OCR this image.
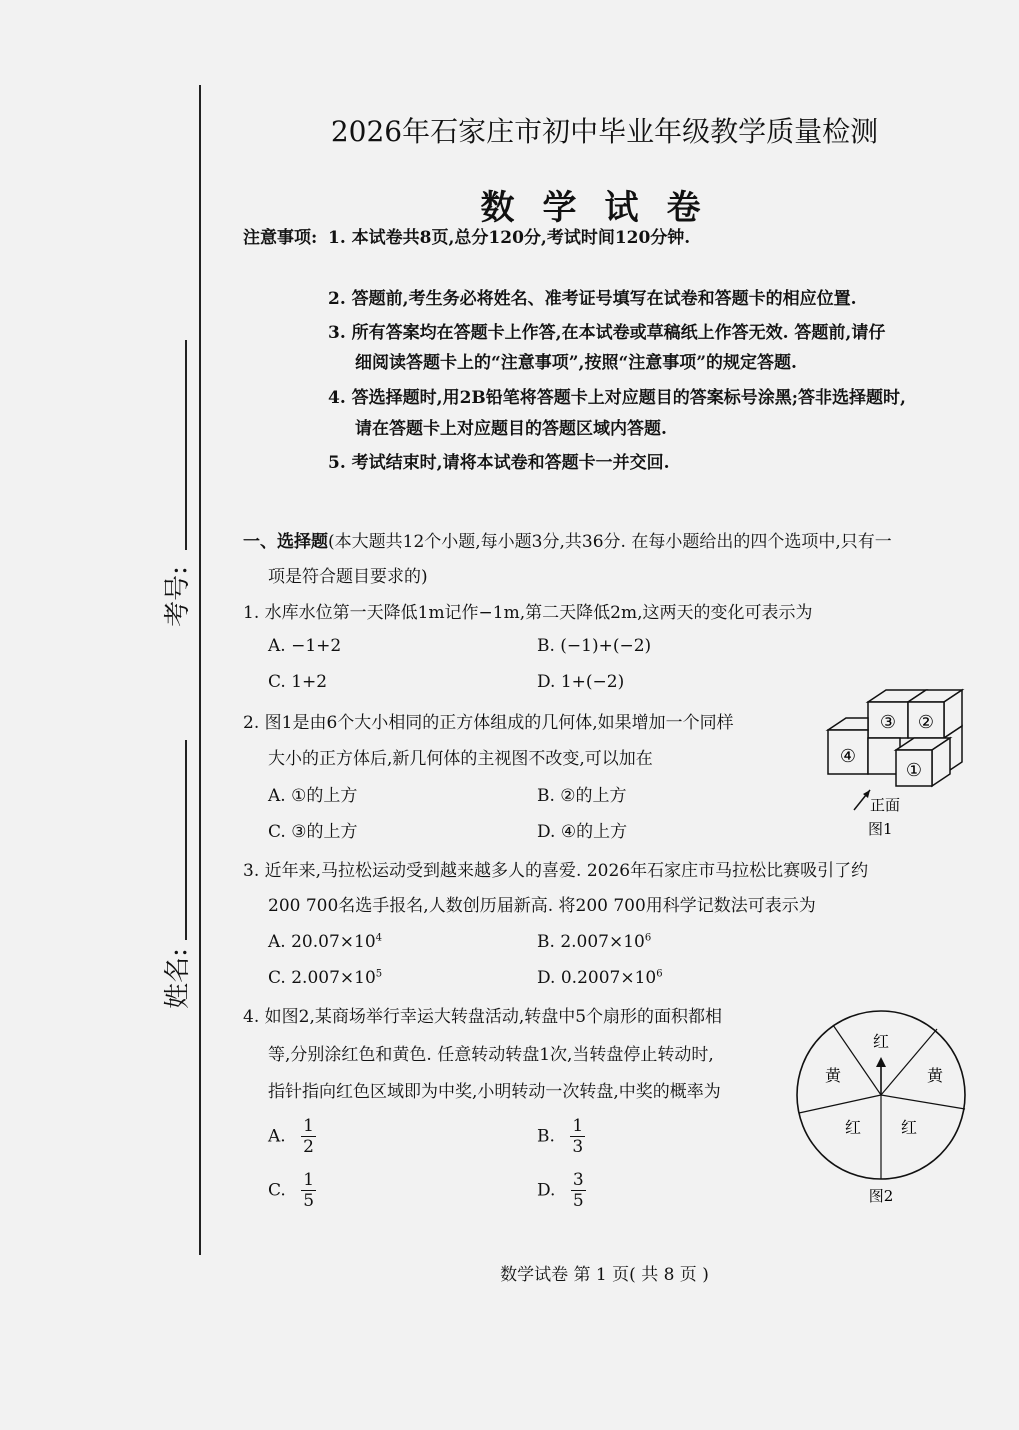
考号:
姓名:
2026年石家庄市初中毕业年级教学质量检测
数学试卷
注意事项: 1. 本试卷共8页,总分120分,考试时间120分钟.
2. 答题前,考生务必将姓名、准考证号填写在试卷和答题卡的相应位置.
3. 所有答案均在答题卡上作答,在本试卷或草稿纸上作答无效. 答题前,请仔
细阅读答题卡上的“注意事项”,按照“注意事项”的规定答题.
4. 答选择题时,用2B铅笔将答题卡上对应题目的答案标号涂黑;答非选择题时,
请在答题卡上对应题目的答题区域内答题.
5. 考试结束时,请将本试卷和答题卡一并交回.
一、选择题(本大题共12个小题,每小题3分,共36分. 在每小题给出的四个选项中,只有一
项是符合题目要求的)
1. 水库水位第一天降低1m记作−1m,第二天降低2m,这两天的变化可表示为
A. −1+2	B. (−1)+(−2)
C. 1+2	D. 1+(−2)
2. 图1是由6个大小相同的正方体组成的几何体,如果增加一个同样
大小的正方体后,新几何体的主视图不改变,可以加在
A. ①的上方	B. ②的上方
C. ③的上方	D. ④的上方
③ ②
④
①
正面
图1
3. 近年来,马拉松运动受到越来越多人的喜爱. 2026年石家庄市马拉松比赛吸引了约
200 700名选手报名,人数创历届新高. 将200 700用科学记数法可表示为
A. $20.07\times 10^4$	B. $2.007\times 10^6$
C. $2.007\times 10^5$	D. $0.2007\times 10^6$
4. 如图2,某商场举行幸运大转盘活动,转盘中5个扇形的面积都相
等,分别涂红色和黄色. 任意转动转盘1次,当转盘停止转动时,
指针指向红色区域即为中奖,小明转动一次转盘,中奖的概率为
A. $\frac{1}{2}$	B. $\frac{1}{3}$
C. $\frac{1}{5}$	D. $\frac{3}{5}$
红
黄	黄
红 红
图2
数学试卷 第 1 页( 共 8 页 )
